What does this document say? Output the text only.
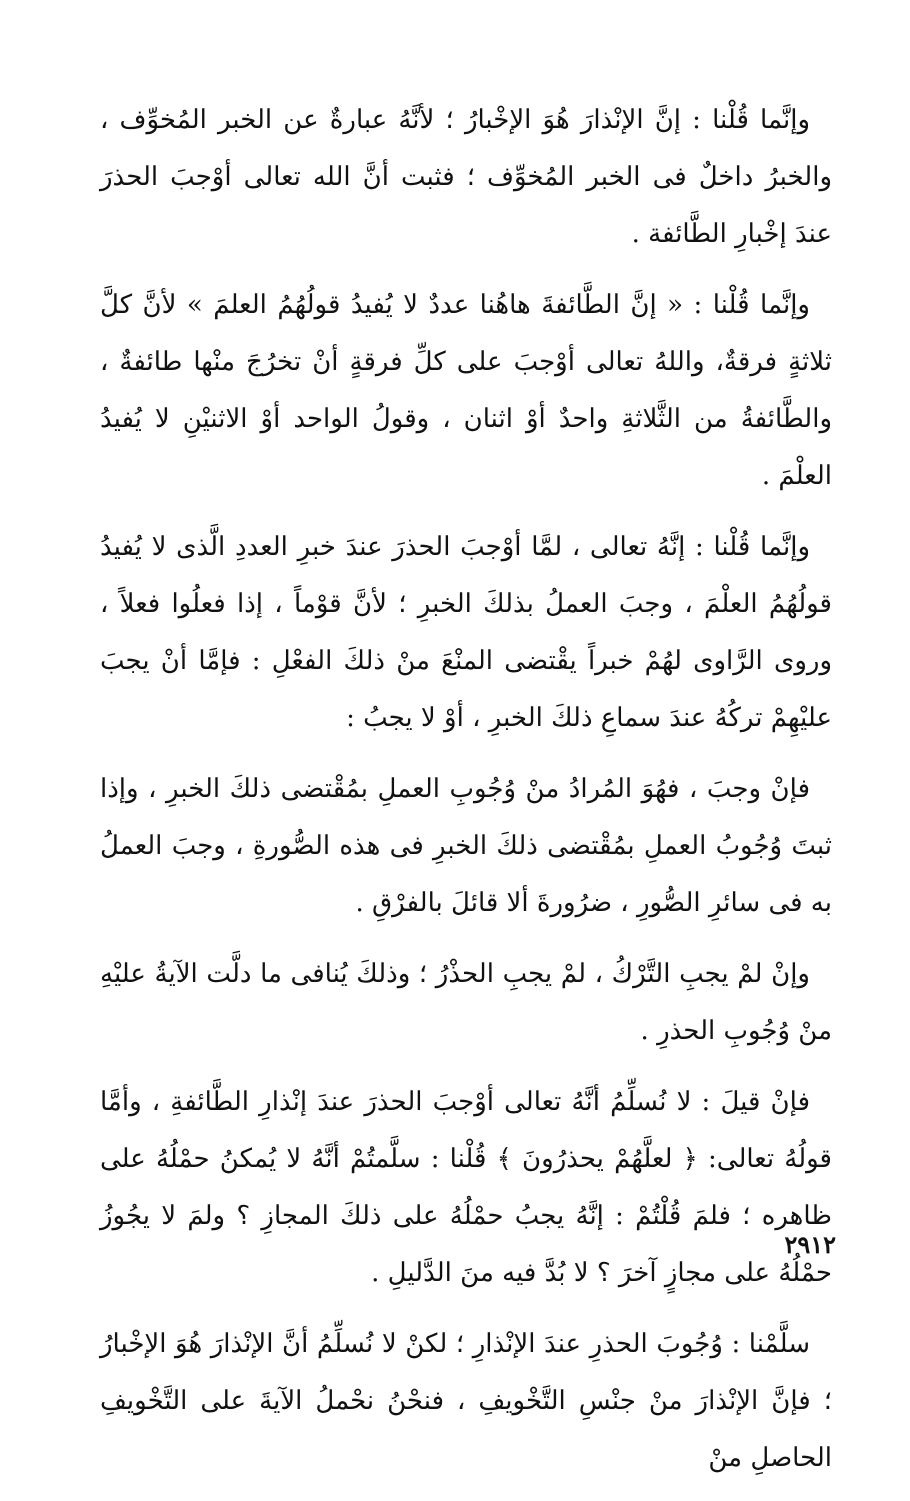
وإنَّما قُلْنا : إنَّ الإنْذارَ هُوَ الإخْبارُ ؛ لأنَّهُ عبارةٌ عن الخبر المُخوِّف ، والخبرُ داخلٌ فى الخبر المُخوِّف ؛ فثبت أنَّ الله تعالى أوْجبَ الحذرَ عندَ إخْبارِ الطَّائفة .

وإنَّما قُلْنا : « إنَّ الطَّائفةَ هاهُنا عددٌ لا يُفيدُ قولُهُمُ العلمَ » لأنَّ كلَّ ثلاثةٍ فرقةٌ، واللهُ تعالى أوْجبَ على كلِّ فرقةٍ أنْ تخرُجَ منْها طائفةٌ ، والطَّائفةُ من الثَّلاثةِ واحدٌ أوْ اثنان ، وقولُ الواحد أوْ الاثنيْنِ لا يُفيدُ العلْمَ .

وإنَّما قُلْنا : إنَّهُ تعالى ، لمَّا أوْجبَ الحذرَ عندَ خبرِ العددِ الَّذى لا يُفيدُ قولُهُمُ العلْمَ ، وجبَ العملُ بذلكَ الخبرِ ؛ لأنَّ قوْماً ، إذا فعلُوا فعلاً ، وروى الرَّاوى لهُمْ خبراً يقْتضى المنْعَ منْ ذلكَ الفعْلِ : فإمَّا أنْ يجبَ عليْهِمْ تركُهُ عندَ سماعِ ذلكَ الخبرِ ، أوْ لا يجبُ :

فإنْ وجبَ ، فهُوَ المُرادُ منْ وُجُوبِ العملِ بمُقْتضى ذلكَ الخبرِ ، وإذا ثبتَ وُجُوبُ العملِ بمُقْتضى ذلكَ الخبرِ فى هذه الصُّورةِ ، وجبَ العملُ به فى سائرِ الصُّورِ ، ضرُورةَ ألا قائلَ بالفرْقِ .

وإنْ لمْ يجبِ التَّرْكُ ، لمْ يجبِ الحذْرُ ؛ وذلكَ يُنافى ما دلَّت الآيةُ عليْهِ منْ وُجُوبِ الحذرِ .

فإنْ قيلَ : لا نُسلِّمُ أنَّهُ تعالى أوْجبَ الحذرَ عندَ إنْذارِ الطَّائفةِ ، وأمَّا قولُهُ تعالى: ﴿ لعلَّهُمْ يحذرُونَ ﴾ قُلْنا : سلَّمتُمْ أنَّهُ لا يُمكنُ حمْلُهُ على ظاهره ؛ فلمَ قُلْتُمْ : إنَّهُ يجبُ حمْلُهُ على ذلكَ المجازِ ؟ ولمَ لا يجُوزُ حمْلُهُ على مجازٍ آخرَ ؟ لا بُدَّ فيه منَ الدَّليلِ .

سلَّمْنا : وُجُوبَ الحذرِ عندَ الإنْذارِ ؛ لكنْ لا نُسلِّمُ أنَّ الإنْذارَ هُوَ الإخْبارُ ؛ فإنَّ الإنْذارَ منْ جنْسِ التَّخْويفِ ، فنحْنُ نحْملُ الآيةَ على التَّخْويفِ الحاصلِ منْ

٢٩١٢
